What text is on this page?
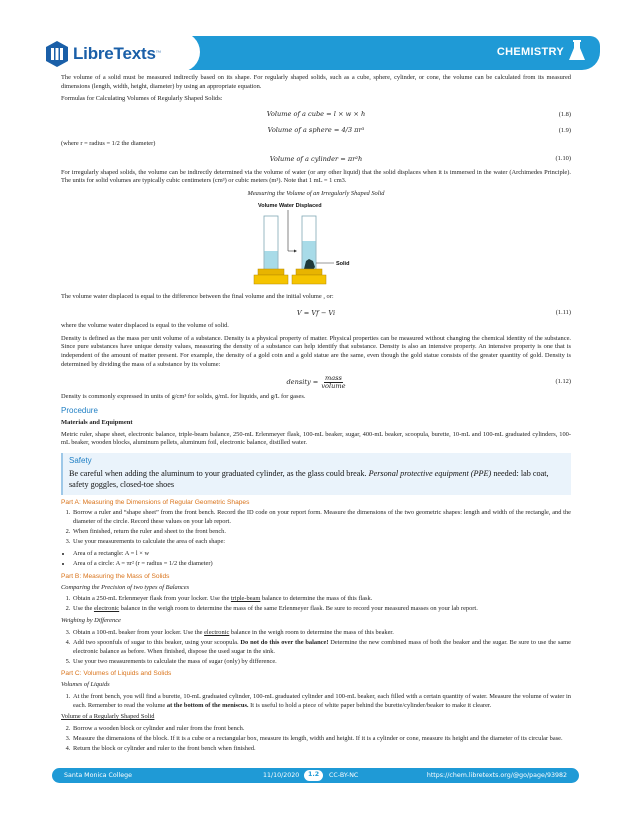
LibreTexts ™	CHEMISTRY

The volume of a solid must be measured indirectly based on its shape. For regularly shaped solids, such as a cube, sphere, cylinder, or cone, the volume can be calculated from its measured dimensions (length, width, height, diameter) by using an appropriate equation.

Formulas for Calculating Volumes of Regularly Shaped Solids:

Volume of a cube = l × w × h	(1.8)
Volume of a sphere = 4/3 πr³	(1.9)

(where r = radius = 1/2 the diameter)

Volume of a cylinder = πr²h	(1.10)

For irregularly shaped solids, the volume can be indirectly determined via the volume of water (or any other liquid) that the solid displaces when it is immersed in the water (Archimedes Principle). The units for solid volumes are typically cubic centimeters (cm³) or cubic meters (m³). Note that 1 mL = 1 cm3.

Measuring the Volume of an Irregularly Shaped Solid
Volume Water Displaced
Solid

The volume water displaced is equal to the difference between the final volume and the initial volume , or:

V = Vf − Vi	(1.11)

where the volume water displaced is equal to the volume of solid.

Density is defined as the mass per unit volume of a substance. Density is a physical property of matter. Physical properties can be measured without changing the chemical identity of the substance. Since pure substances have unique density values, measuring the density of a substance can help identify that substance. Density is also an intensive property. An intensive property is one that is independent of the amount of matter present. For example, the density of a gold coin and a gold statue are the same, even though the gold statue consists of the greater quantity of gold. Density is determined by dividing the mass of a substance by its volume:

density =
mass
volume
(1.12)

Density is commonly expressed in units of g/cm³ for solids, g/mL for liquids, and g/L for gases.

Procedure
Materials and Equipment

Metric ruler, shape sheet, electronic balance, triple-beam balance, 250-mL Erlenmeyer flask, 100-mL beaker, sugar, 400-mL beaker, scoopula, burette, 10-mL and 100-mL graduated cylinders, 100-mL beaker, wooden blocks, aluminum pellets, aluminum foil, electronic balance, distilled water.

Safety
Be careful when adding the aluminum to your graduated cylinder, as the glass could break. Personal protective equipment (PPE) needed: lab coat, safety goggles, closed-toe shoes
Part A: Measuring the Dimensions of Regular Geometric Shapes
1. Borrow a ruler and “shape sheet” from the front bench. Record the ID code on your report form. Measure the dimensions of the two geometric shapes: length and width of the rectangle, and the diameter of the circle. Record these values on your lab report.
2. When finished, return the ruler and sheet to the front bench.
3. Use your measurements to calculate the area of each shape:
• Area of a rectangle: A = l × w
• Area of a circle: A = πr² (r = radius = 1/2 the diameter)
Part B: Measuring the Mass of Solids
Comparing the Precision of two types of Balances
1. Obtain a 250-mL Erlenmeyer flask from your locker. Use the triple-beam balance to determine the mass of this flask.
2. Use the electronic balance in the weigh room to determine the mass of the same Erlenmeyer flask. Be sure to record your measured masses on your lab report.
Weighing by Difference
3. Obtain a 100-mL beaker from your locker. Use the electronic balance in the weigh room to determine the mass of this beaker.
4. Add two spoonfuls of sugar to this beaker, using your scoopula. Do not do this over the balance! Determine the new combined mass of both the beaker and the sugar. Be sure to use the same electronic balance as before. When finished, dispose the used sugar in the sink.
5. Use your two measurements to calculate the mass of sugar (only) by difference.
Part C: Volumes of Liquids and Solids
Volumes of Liquids
1. At the front bench, you will find a burette, 10-mL graduated cylinder, 100-mL graduated cylinder and 100-mL beaker, each filled with a certain quantity of water. Measure the volume of water in each. Remember to read the volume at the bottom of the meniscus. It is useful to hold a piece of white paper behind the burette/cylinder/beaker to make it clearer.
Volume of a Regularly Shaped Solid
2. Borrow a wooden block or cylinder and ruler from the front bench.
3. Measure the dimensions of the block. If it is a cube or a rectangular box, measure its length, width and height. If it is a cylinder or cone, measure its height and the diameter of its circular base.
4. Return the block or cylinder and ruler to the front bench when finished.
Santa Monica College	11/10/2020	1.2	CC-BY-NC	https://chem.libretexts.org/@go/page/93982
